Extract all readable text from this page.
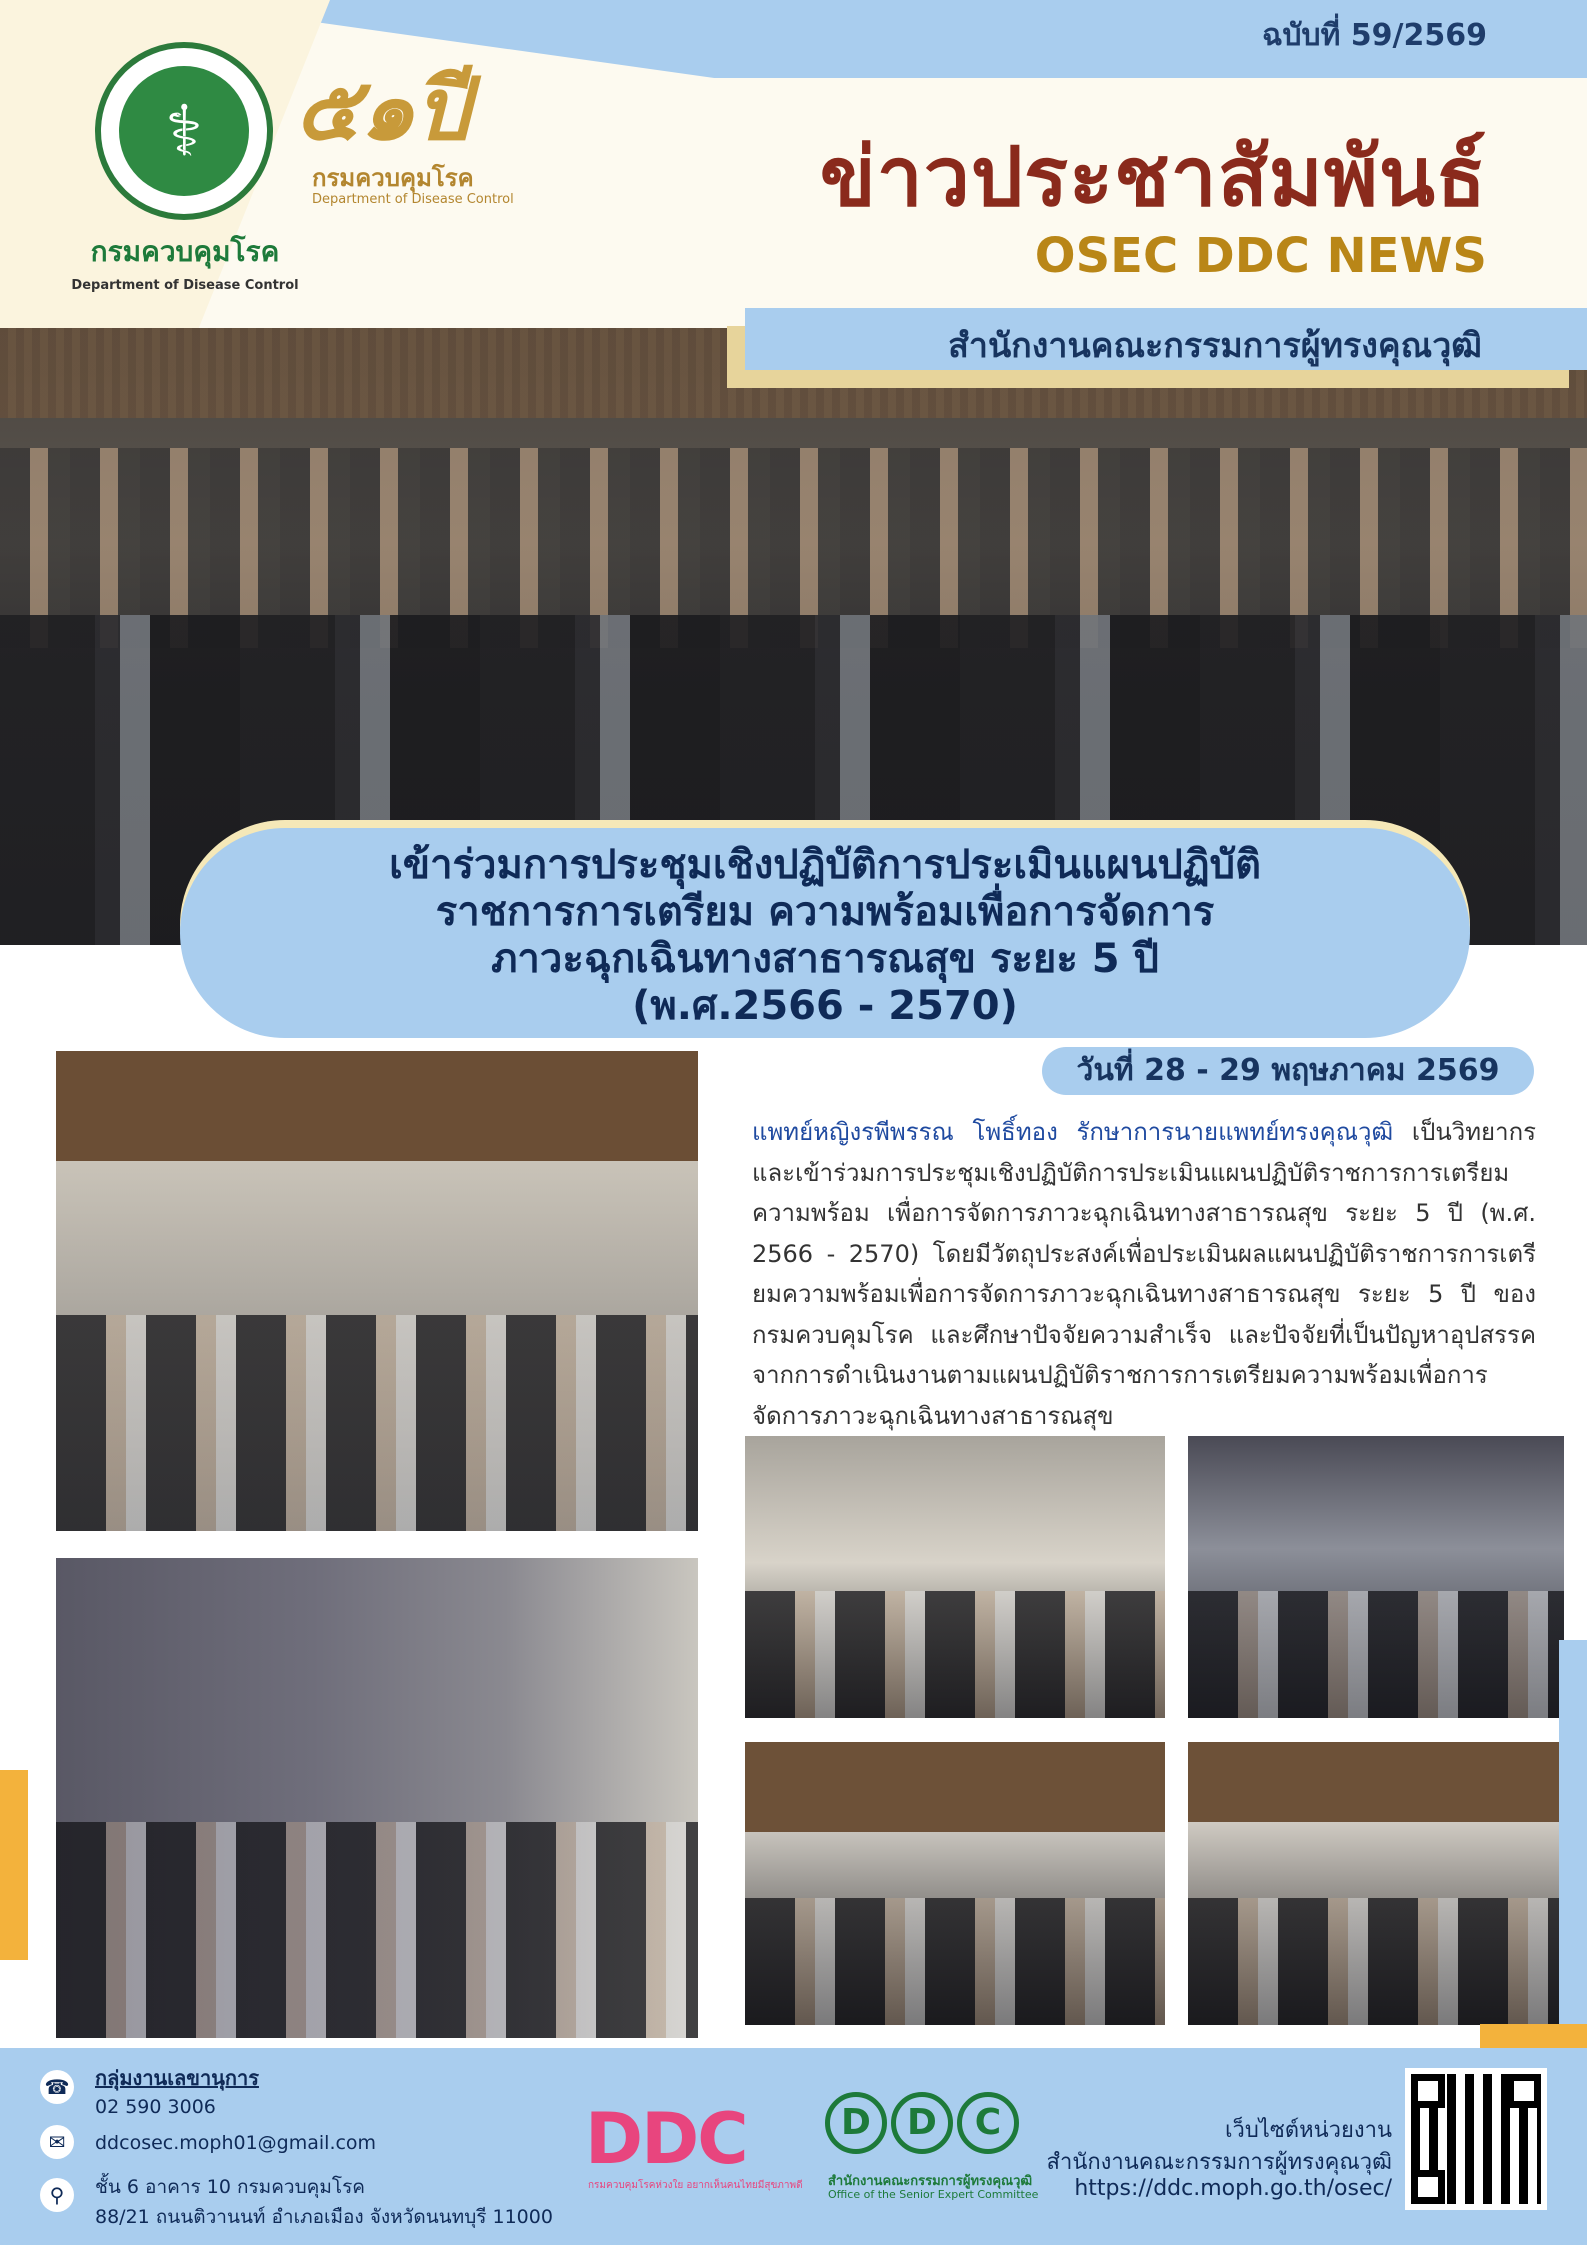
⚕
กรมควบคุมโรค
Department of Disease Control
๕๑ปี
กรมควบคุมโรค
Department of Disease Control
ฉบับที่ 59/2569
ข่าวประชาสัมพันธ์
OSEC DDC NEWS
สำนักงานคณะกรรมการผู้ทรงคุณวุฒิ
เข้าร่วมการประชุมเชิงปฏิบัติการประเมินแผนปฏิบัติ
ราชการการเตรียม ความพร้อมเพื่อการจัดการ
ภาวะฉุกเฉินทางสาธารณสุข ระยะ 5 ปี
(พ.ศ.2566 - 2570)
วันที่ 28 - 29 พฤษภาคม 2569
แพทย์หญิงรพีพรรณ โพธิ์ทอง รักษาการนายแพทย์ทรงคุณวุฒิ เป็นวิทยากรและเข้าร่วมการประชุมเชิงปฏิบัติการประเมินแผนปฏิบัติราชการการเตรียมความพร้อม เพื่อการจัดการภาวะฉุกเฉินทางสาธารณสุข ระยะ 5 ปี (พ.ศ. 2566 - 2570) โดยมีวัตถุประสงค์เพื่อประเมินผลแผนปฏิบัติราชการการเตรียมความพร้อมเพื่อการจัดการภาวะฉุกเฉินทางสาธารณสุข ระยะ 5 ปี ของกรมควบคุมโรค และศึกษาปัจจัยความสำเร็จ และปัจจัยที่เป็นปัญหาอุปสรรคจากการดำเนินงานตามแผนปฏิบัติราชการการเตรียมความพร้อมเพื่อการจัดการภาวะฉุกเฉินทางสาธารณสุข
กลุ่มงานเลขานุการ
☎
02 590 3006
✉	ddcosec.moph01@gmail.com
⚲	ชั้น 6 อาคาร 10 กรมควบคุมโรค
88/21 ถนนติวานนท์ อำเภอเมือง จังหวัดนนทบุรี 11000
DDC
กรมควบคุมโรคห่วงใย อยากเห็นคนไทยมีสุขภาพดี
D	D	C
สำนักงานคณะกรรมการผู้ทรงคุณวุฒิ
Office of the Senior Expert Committee
เว็บไซต์หน่วยงาน
สำนักงานคณะกรรมการผู้ทรงคุณวุฒิ
https://ddc.moph.go.th/osec/
